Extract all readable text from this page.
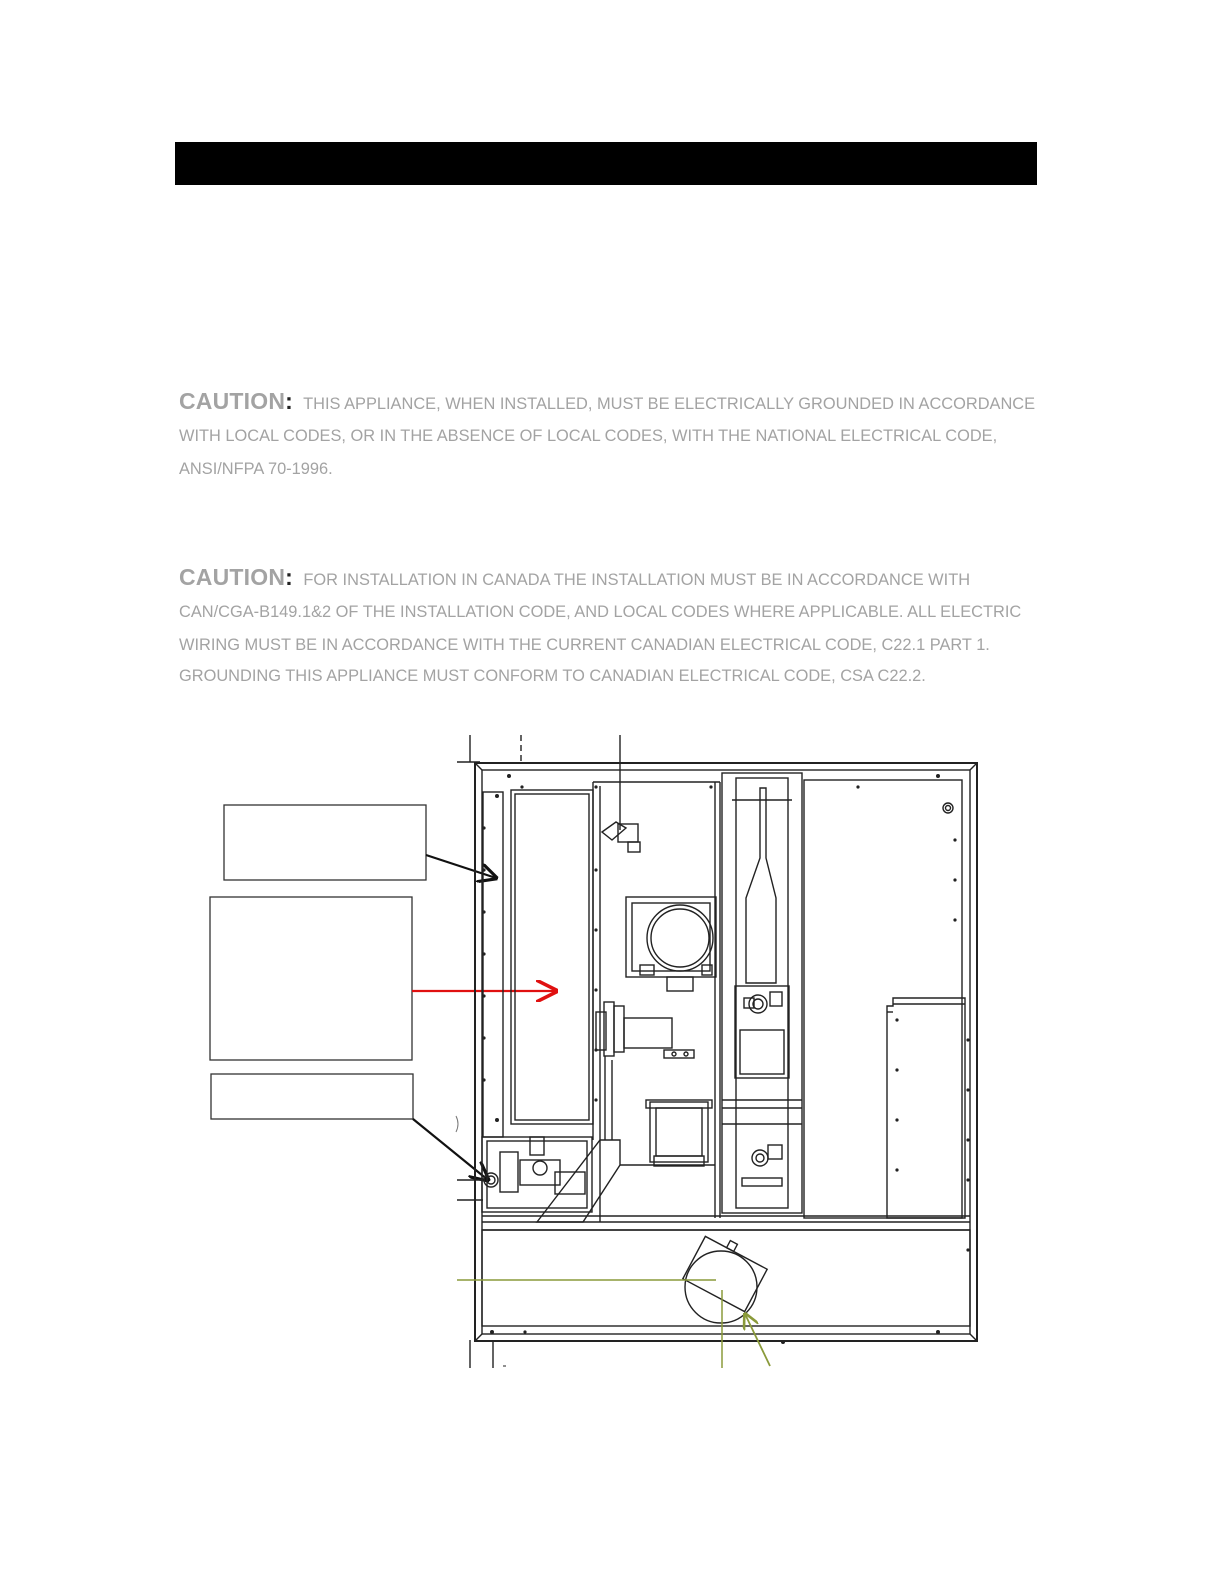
CAUTION: THIS APPLIANCE, WHEN INSTALLED, MUST BE ELECTRICALLY GROUNDED IN ACCORDANCE
WITH LOCAL CODES, OR IN THE ABSENCE OF LOCAL CODES, WITH THE NATIONAL ELECTRICAL CODE,
ANSI/NFPA 70-1996.
CAUTION: FOR INSTALLATION IN CANADA THE INSTALLATION MUST BE IN ACCORDANCE WITH
CAN/CGA-B149.1&2 OF THE INSTALLATION CODE, AND LOCAL CODES WHERE APPLICABLE. ALL ELECTRIC
WIRING MUST BE IN ACCORDANCE WITH THE CURRENT CANADIAN ELECTRICAL CODE, C22.1 PART 1.
GROUNDING THIS APPLIANCE MUST CONFORM TO CANADIAN ELECTRICAL CODE, CSA C22.2.
